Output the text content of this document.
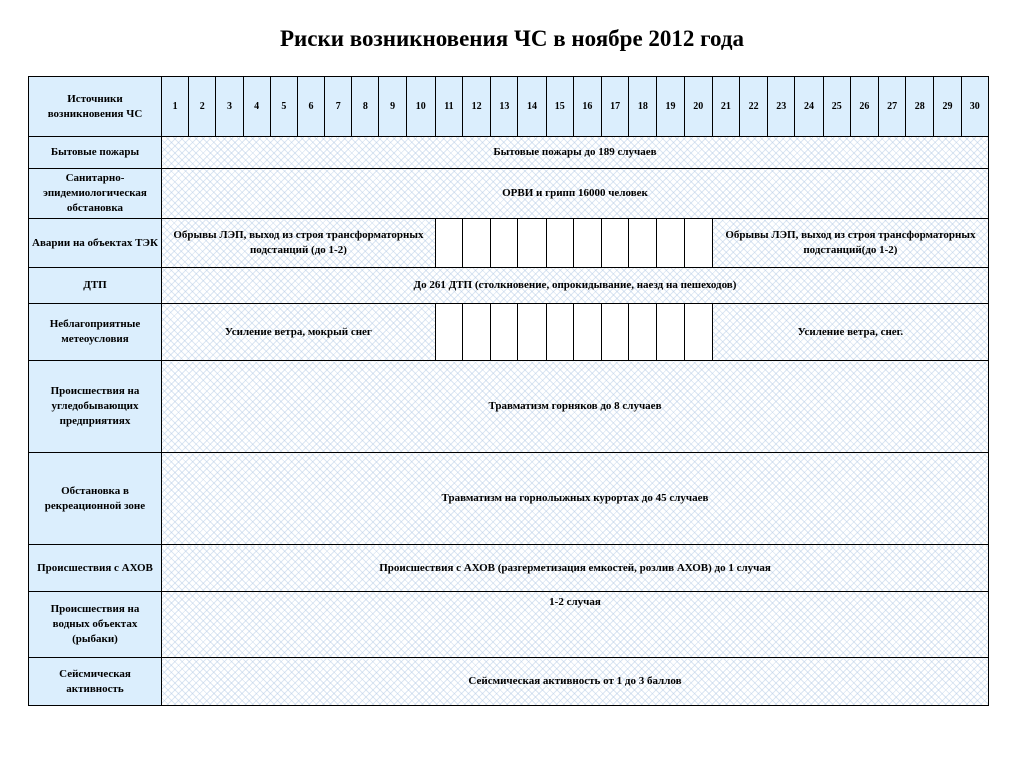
Риски возникновения ЧС в ноябре 2012 года
Источники возникновения ЧС	1	2	3	4	5	6	7	8	9	10	11	12	13	14	15	16	17	18	19	20	21	22	23	24	25	26	27	28	29	30
Бытовые пожары	Бытовые пожары до 189 случаев																													
Санитарно-эпидемиологическая обстановка	ОРВИ и грипп 16000 человек																													
Аварии на объектах ТЭК	Обрывы ЛЭП, выход из строя трансформаторных подстанций (до 1-2)																				Обрывы ЛЭП, выход из строя трансформаторных подстанций(до 1-2)									
ДТП	До 261 ДТП (столкновение, опрокидывание, наезд на пешеходов)																													
Неблагоприятные метеоусловия	Усиление ветра, мокрый снег																				Усиление ветра, снег.									
Происшествия на угледобывающих предприятиях	Травматизм горняков до 8 случаев																													
Обстановка в рекреационной зоне	Травматизм на горнолыжных курортах до 45 случаев																													
Происшествия с АХОВ	Происшествия с АХОВ (разгерметизация емкостей, розлив АХОВ) до 1 случая																													
Происшествия на водных объектах (рыбаки)	1-2 случая																													
Сейсмическая активность	Сейсмическая активность от 1 до 3 баллов																													
